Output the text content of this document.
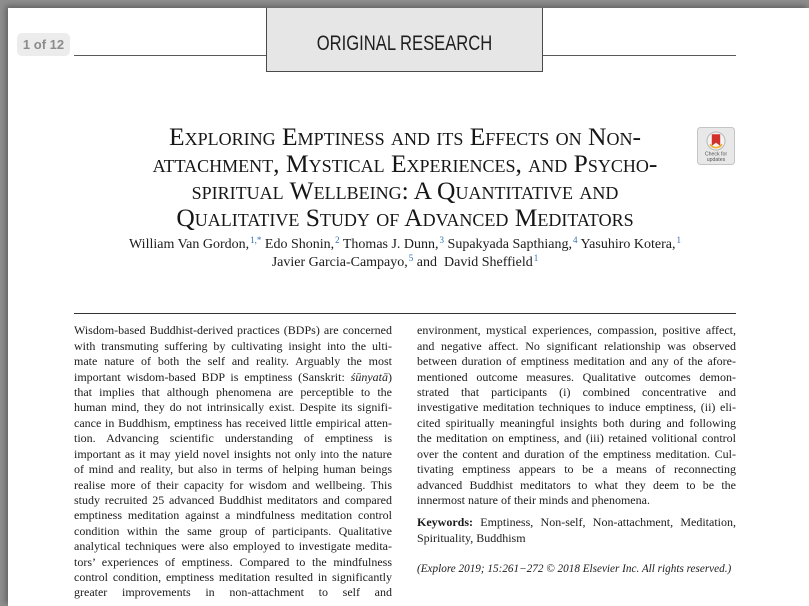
1 of 12	ORIGINAL RESEARCH
Exploring Emptiness and its Effects on Non-
attachment, Mystical Experiences, and Psycho-
spiritual Wellbeing: A Quantitative and
Qualitative Study of Advanced Meditators
Check for
updates
William Van Gordon,$^{1,*}$ Edo Shonin,$^2$ Thomas J. Dunn,$^3$ Supakyada Sapthiang,$^4$ Yasuhiro Kotera,$^1$
Javier Garcia-Campayo,$^5$ and David Sheffield$^1$
Wisdom-based Buddhist-derived practices (BDPs) are concerned
with transmuting suffering by cultivating insight into the ulti-
mate nature of both the self and reality. Arguably the most
important wisdom-based BDP is emptiness (Sanskrit: śūnyatā)
that implies that although phenomena are perceptible to the
human mind, they do not intrinsically exist. Despite its signifi-
cance in Buddhism, emptiness has received little empirical atten-
tion. Advancing scientific understanding of emptiness is
important as it may yield novel insights not only into the nature
of mind and reality, but also in terms of helping human beings
realise more of their capacity for wisdom and wellbeing. This
study recruited 25 advanced Buddhist meditators and compared
emptiness meditation against a mindfulness meditation control
condition within the same group of participants. Qualitative
analytical techniques were also employed to investigate medita-
tors’ experiences of emptiness. Compared to the mindfulness
control condition, emptiness meditation resulted in significantly
greater improvements in non-attachment to self and
environment, mystical experiences, compassion, positive affect,
and negative affect. No significant relationship was observed
between duration of emptiness meditation and any of the afore-
mentioned outcome measures. Qualitative outcomes demon-
strated that participants (i) combined concentrative and
investigative meditation techniques to induce emptiness, (ii) eli-
cited spiritually meaningful insights both during and following
the meditation on emptiness, and (iii) retained volitional control
over the content and duration of the emptiness meditation. Cul-
tivating emptiness appears to be a means of reconnecting
advanced Buddhist meditators to what they deem to be the
innermost nature of their minds and phenomena.
Keywords: Emptiness, Non-self, Non-attachment, Meditation,
Spirituality, Buddhism
(Explore 2019; 15:261−272 © 2018 Elsevier Inc. All rights reserved.)
